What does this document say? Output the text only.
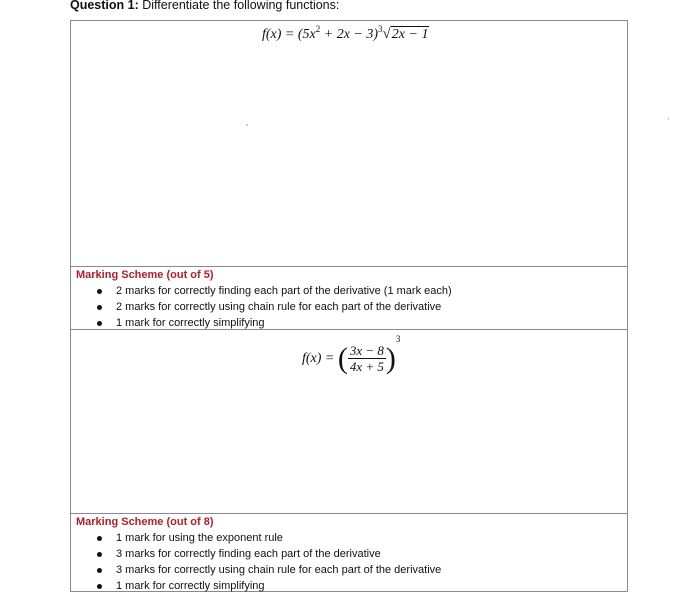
Question 1: Differentiate the following functions:
$f(x) = (5x^2 + 2x - 3)^3√2x - 1$
Marking Scheme (out of 5)
2 marks for correctly finding each part of the derivative (1 mark each)
2 marks for correctly using chain rule for each part of the derivative
1 mark for correctly simplifying
f(x) = ( $\frac{3x - 8}{4x + 5} )^3$
Marking Scheme (out of 8)
1 mark for using the exponent rule
3 marks for correctly finding each part of the derivative
3 marks for correctly using chain rule for each part of the derivative
1 mark for correctly simplifying
